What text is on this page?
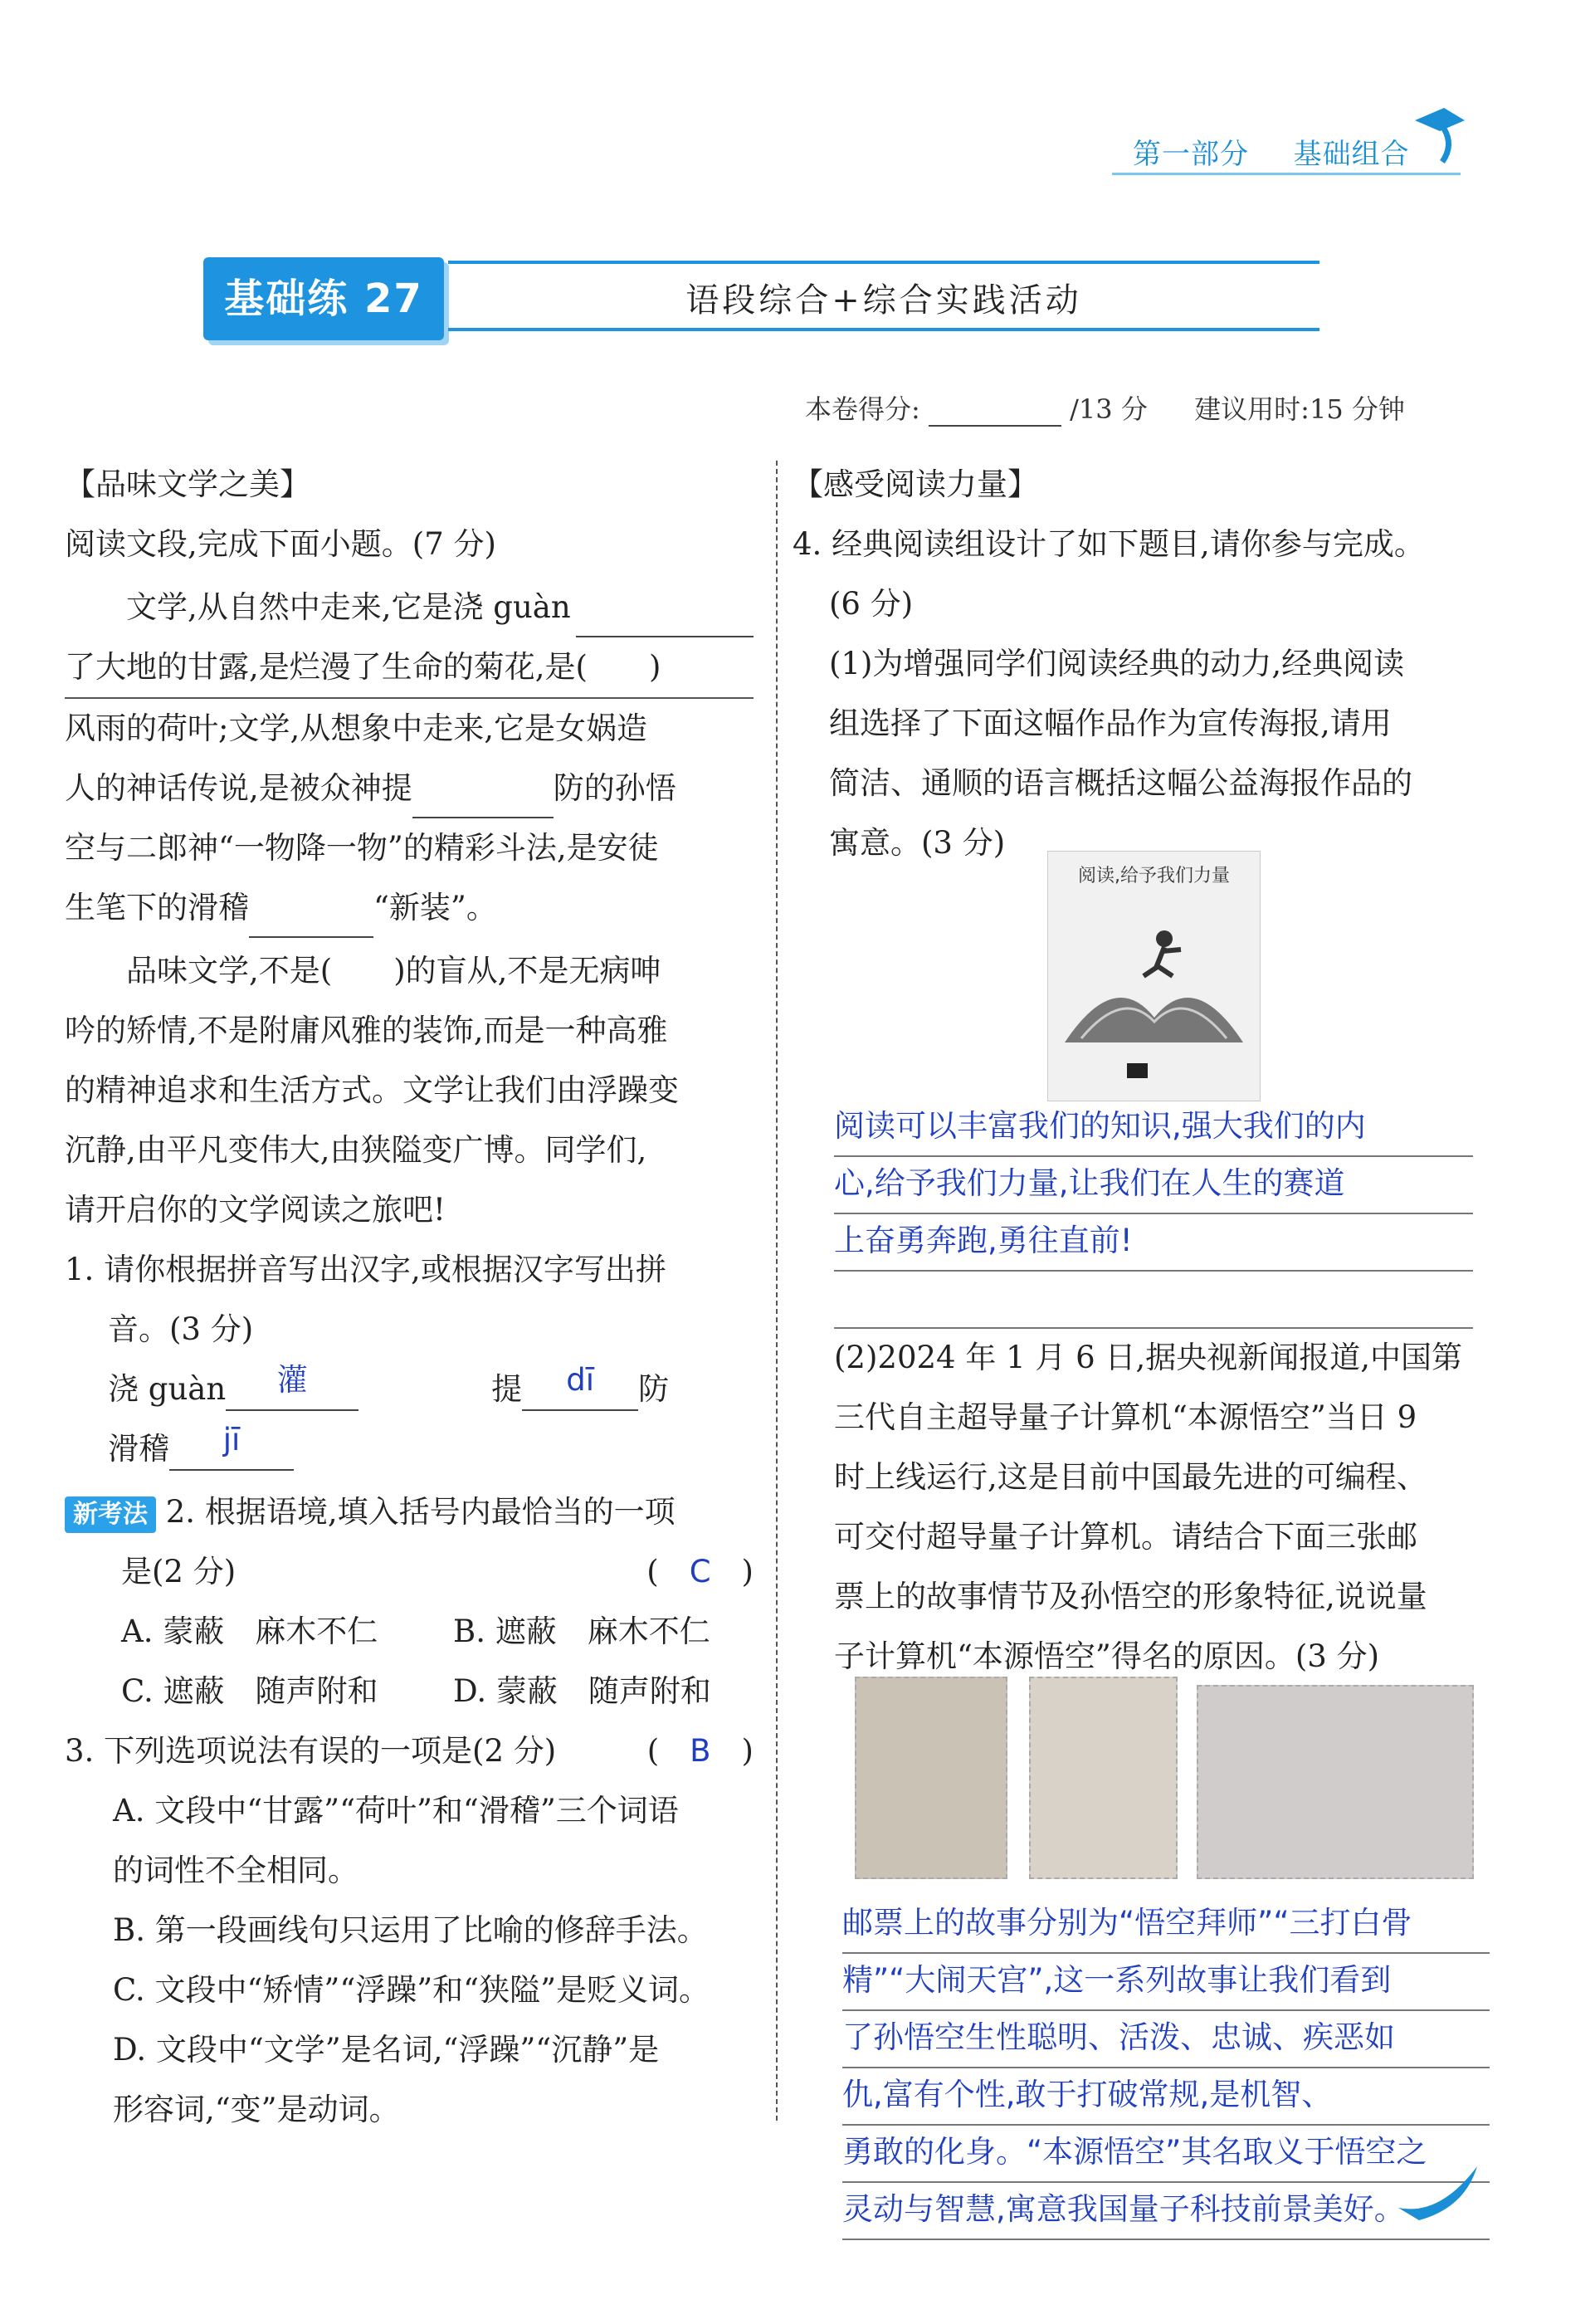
第一部分 基础组合
基础练 27	语段综合+综合实践活动
本卷得分:	/13 分 建议用时:15 分钟
【品味文学之美】
阅读文段,完成下面小题。(7 分)
　　文学,从自然中走来,它是浇 guàn
了大地的甘露,是烂漫了生命的菊花,是(　　)
风雨的荷叶;文学,从想象中走来,它是女娲造
人的神话传说,是被众神提	防的孙悟
空与二郎神“一物降一物”的精彩斗法,是安徒
生笔下的滑稽	“新装”。
　　品味文学,不是(　　)的盲从,不是无病呻
吟的矫情,不是附庸风雅的装饰,而是一种高雅
的精神追求和生活方式。文学让我们由浮躁变
沉静,由平凡变伟大,由狭隘变广博。同学们,
请开启你的文学阅读之旅吧!
1. 请你根据拼音写出汉字,或根据汉字写出拼
音。(3 分)
浇 guàn	灌	提	dī	防
滑稽	jī
新考法 2. 根据语境,填入括号内最恰当的一项
是(2 分)	(　C　)
A. 蒙蔽　麻木不仁	B. 遮蔽　麻木不仁
C. 遮蔽　随声附和	D. 蒙蔽　随声附和
3. 下列选项说法有误的一项是(2 分)	(　B　)
A. 文段中“甘露”“荷叶”和“滑稽”三个词语
的词性不全相同。
B. 第一段画线句只运用了比喻的修辞手法。
C. 文段中“矫情”“浮躁”和“狭隘”是贬义词。
D. 文段中“文学”是名词,“浮躁”“沉静”是
形容词,“变”是动词。
【感受阅读力量】
4. 经典阅读组设计了如下题目,请你参与完成。
(6 分)
(1)为增强同学们阅读经典的动力,经典阅读
组选择了下面这幅作品作为宣传海报,请用
简洁、通顺的语言概括这幅公益海报作品的
寓意。(3 分)
阅读,给予我们力量
阅读可以丰富我们的知识,强大我们的内
心,给予我们力量,让我们在人生的赛道
上奋勇奔跑,勇往直前!
(2)2024 年 1 月 6 日,据央视新闻报道,中国第
三代自主超导量子计算机“本源悟空”当日 9
时上线运行,这是目前中国最先进的可编程、
可交付超导量子计算机。请结合下面三张邮
票上的故事情节及孙悟空的形象特征,说说量
子计算机“本源悟空”得名的原因。(3 分)
邮票上的故事分别为“悟空拜师”“三打白骨
精”“大闹天宫”,这一系列故事让我们看到
了孙悟空生性聪明、活泼、忠诚、疾恶如
仇,富有个性,敢于打破常规,是机智、
勇敢的化身。“本源悟空”其名取义于悟空之
灵动与智慧,寓意我国量子科技前景美好。
